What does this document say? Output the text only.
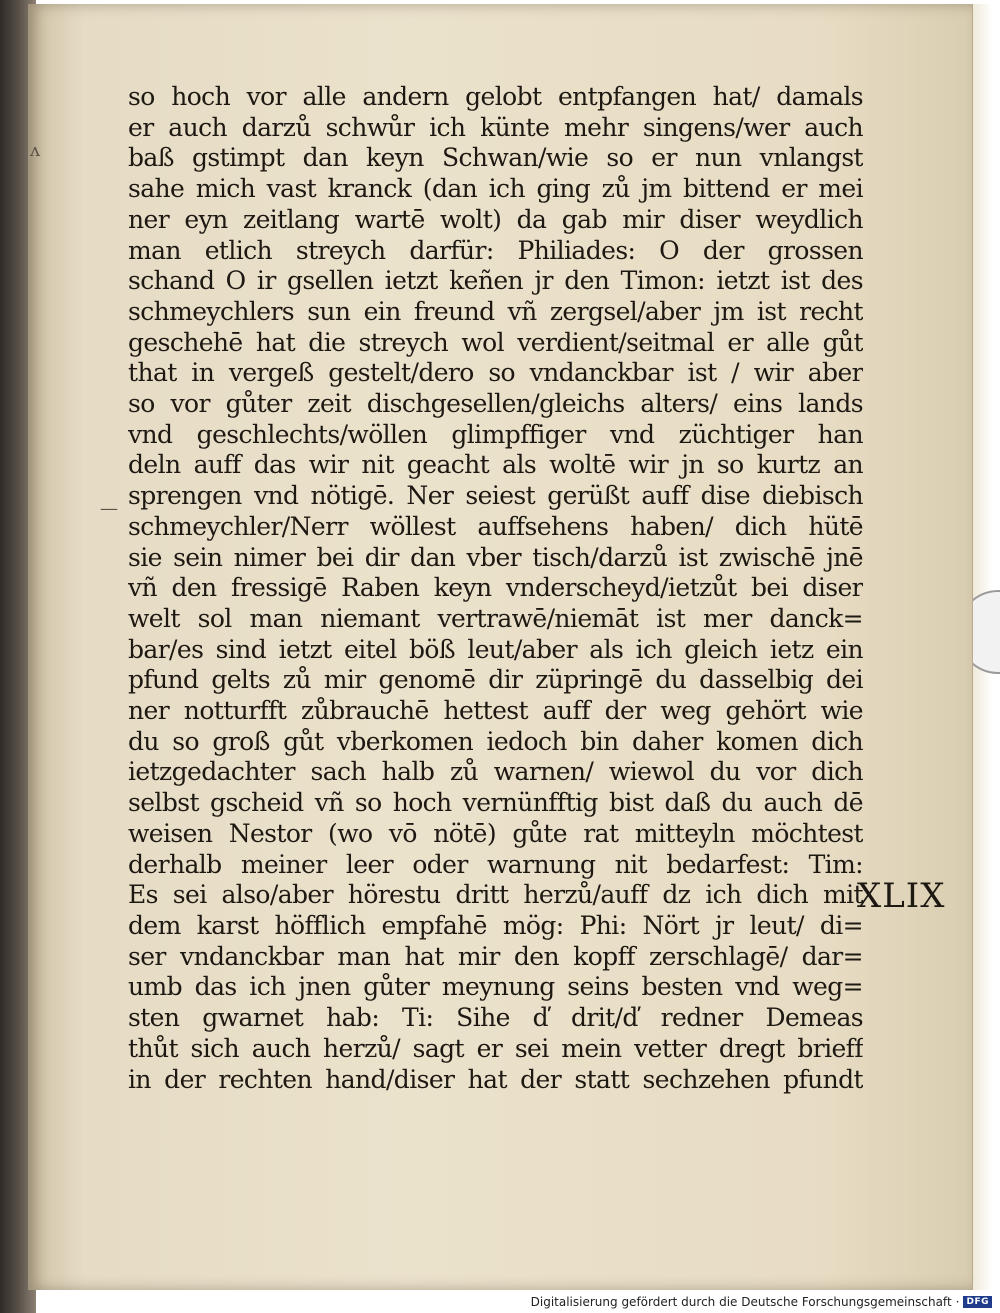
ʌ
—
so hoch vor alle andern gelobt entpfangen hat/ damals
er auch darzů schwůr ich künte mehr singens/wer auch
baß gstimpt dan keyn Schwan/wie so er nun vnlangst
sahe mich vast kranck (dan ich ging zů jm bittend er mei
ner eyn zeitlang wartē wolt) da gab mir diser weydlich
man etlich streych darfür: Philiades: O der grossen
schand O ir gsellen ietzt keñen jr den Timon: ietzt ist des
schmeychlers sun ein freund vñ zergsel/aber jm ist recht
geschehē hat die streych wol verdient/seitmal er alle gůt
that in vergeß gestelt/dero so vndanckbar ist / wir aber
so vor gůter zeit dischgesellen/gleichs alters/ eins lands
vnd geschlechts/wöllen glimpffiger vnd züchtiger han
deln auff das wir nit geacht als woltē wir jn so kurtz an
sprengen vnd nötigē. Ner seiest gerüßt auff dise diebisch
schmeychler/Nerr wöllest auffsehens haben/ dich hütē
sie sein nimer bei dir dan vber tisch/darzů ist zwischē jnē
vñ den fressigē Raben keyn vnderscheyd/ietzůt bei diser
welt sol man niemant vertrawē/niemāt ist mer danck=
bar/es sind ietzt eitel böß leut/aber als ich gleich ietz ein
pfund gelts zů mir genomē dir züpringē du dasselbig dei
ner notturfft zůbrauchē hettest auff der weg gehört wie
du so groß gůt vberkomen iedoch bin daher komen dich
ietzgedachter sach halb zů warnen/ wiewol du vor dich
selbst gscheid vñ so hoch vernünfftig bist daß du auch dē
weisen Nestor (wo vō nötē) gůte rat mitteyln möchtest
derhalb meiner leer oder warnung nit bedarfest: Tim:
Es sei also/aber hörestu dritt herzů/auff dz ich dich mit
dem karst höfflich empfahē mög: Phi: Nört jr leut/ di=
ser vndanckbar man hat mir den kopff zerschlagē/ dar=
umb das ich jnen gůter meynung seins besten vnd weg=
sten gwarnet hab: Ti: Sihe ď drit/ď redner Demeas
thůt sich auch herzů/ sagt er sei mein vetter dregt brieff
in der rechten hand/diser hat der statt sechzehen pfundt
XLIX
Digitalisierung gefördert durch die Deutsche Forschungsgemeinschaft · DFG
